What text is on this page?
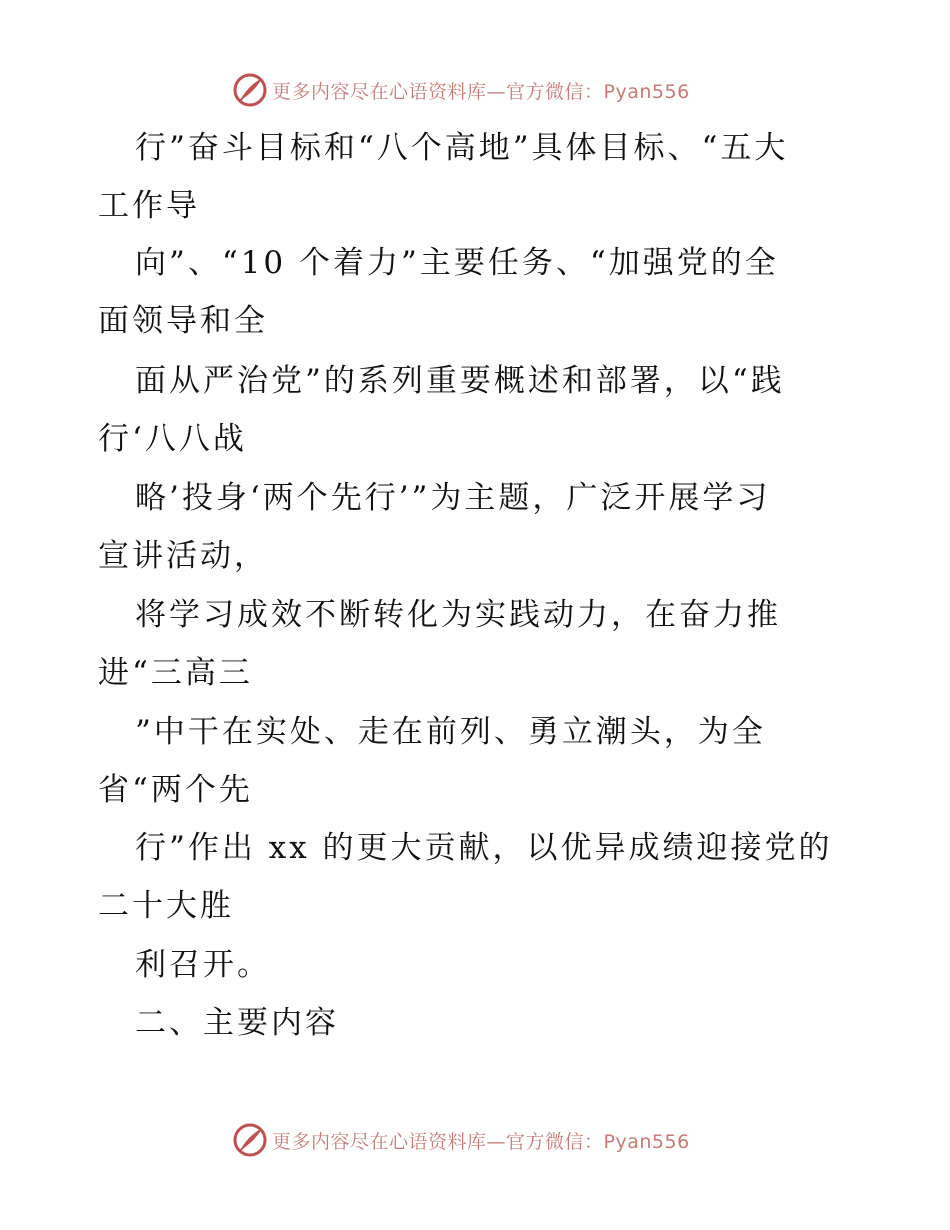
更多内容尽在心语资料库—官方微信：Pyan556
行”奋斗目标和“八个高地”具体目标、“五大
工作导
向”、“10 个着力”主要任务、“加强党的全
面领导和全
面从严治党”的系列重要概述和部署，以“践
行‘八八战
略’投身‘两个先行’”为主题，广泛开展学习
宣讲活动，
将学习成效不断转化为实践动力，在奋力推
进“三高三
”中干在实处、走在前列、勇立潮头，为全
省“两个先
行”作出 xx 的更大贡献，以优异成绩迎接党的
二十大胜
利召开。
二、主要内容
更多内容尽在心语资料库—官方微信：Pyan556
